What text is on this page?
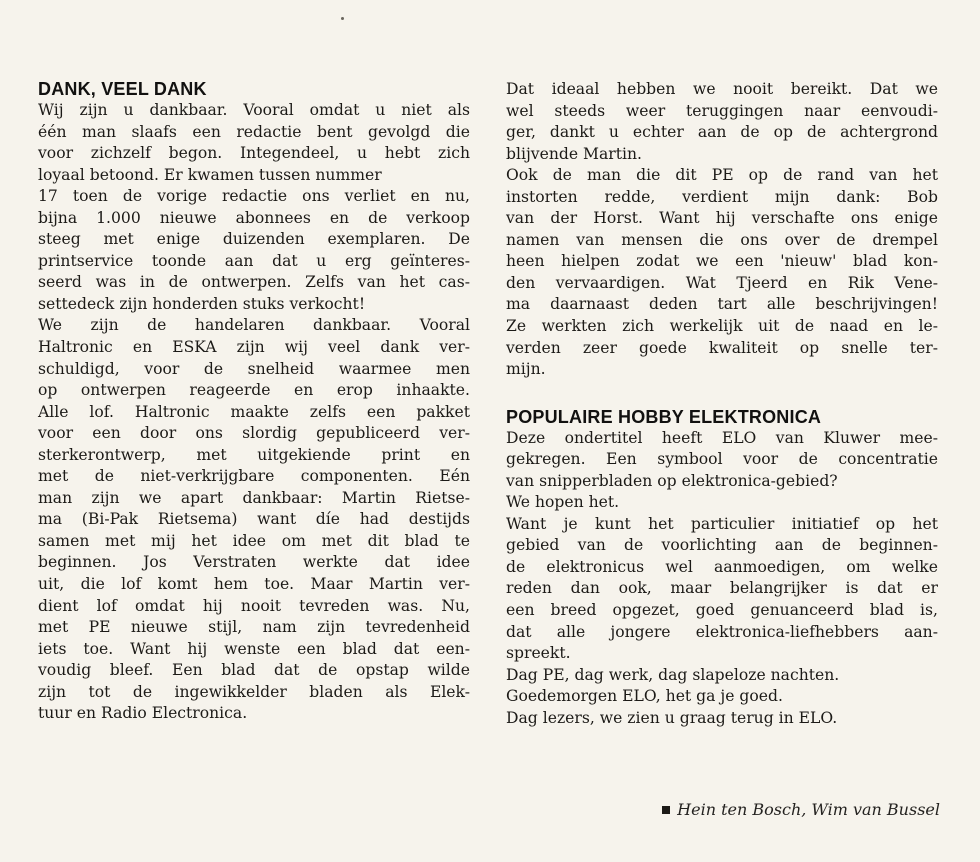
DANK, VEEL DANK
Wij zijn u dankbaar. Vooral omdat u niet als
één man slaafs een redactie bent gevolgd die
voor zichzelf begon. Integendeel, u hebt zich
loyaal betoond. Er kwamen tussen nummer
17 toen de vorige redactie ons verliet en nu,
bijna 1.000 nieuwe abonnees en de verkoop
steeg met enige duizenden exemplaren. De
printservice toonde aan dat u erg geïnteres-
seerd was in de ontwerpen. Zelfs van het cas-
settedeck zijn honderden stuks verkocht!
We zijn de handelaren dankbaar. Vooral
Haltronic en ESKA zijn wij veel dank ver-
schuldigd, voor de snelheid waarmee men
op ontwerpen reageerde en erop inhaakte.
Alle lof. Haltronic maakte zelfs een pakket
voor een door ons slordig gepubliceerd ver-
sterkerontwerp, met uitgekiende print en
met de niet-verkrijgbare componenten. Eén
man zijn we apart dankbaar: Martin Rietse-
ma (Bi-Pak Rietsema) want díe had destijds
samen met mij het idee om met dit blad te
beginnen. Jos Verstraten werkte dat idee
uit, die lof komt hem toe. Maar Martin ver-
dient lof omdat hij nooit tevreden was. Nu,
met PE nieuwe stijl, nam zijn tevredenheid
iets toe. Want hij wenste een blad dat een-
voudig bleef. Een blad dat de opstap wilde
zijn tot de ingewikkelder bladen als Elek-
tuur en Radio Electronica.
Dat ideaal hebben we nooit bereikt. Dat we
wel steeds weer teruggingen naar eenvoudi-
ger, dankt u echter aan de op de achtergrond
blijvende Martin.
Ook de man die dit PE op de rand van het
instorten redde, verdient mijn dank: Bob
van der Horst. Want hij verschafte ons enige
namen van mensen die ons over de drempel
heen hielpen zodat we een 'nieuw' blad kon-
den vervaardigen. Wat Tjeerd en Rik Vene-
ma daarnaast deden tart alle beschrijvingen!
Ze werkten zich werkelijk uit de naad en le-
verden zeer goede kwaliteit op snelle ter-
mijn.
POPULAIRE HOBBY ELEKTRONICA
Deze ondertitel heeft ELO van Kluwer mee-
gekregen. Een symbool voor de concentratie
van snipperbladen op elektronica-gebied?
We hopen het.
Want je kunt het particulier initiatief op het
gebied van de voorlichting aan de beginnen-
de elektronicus wel aanmoedigen, om welke
reden dan ook, maar belangrijker is dat er
een breed opgezet, goed genuanceerd blad is,
dat alle jongere elektronica-liefhebbers aan-
spreekt.
Dag PE, dag werk, dag slapeloze nachten.
Goedemorgen ELO, het ga je goed.
Dag lezers, we zien u graag terug in ELO.
Hein ten Bosch, Wim van Bussel
